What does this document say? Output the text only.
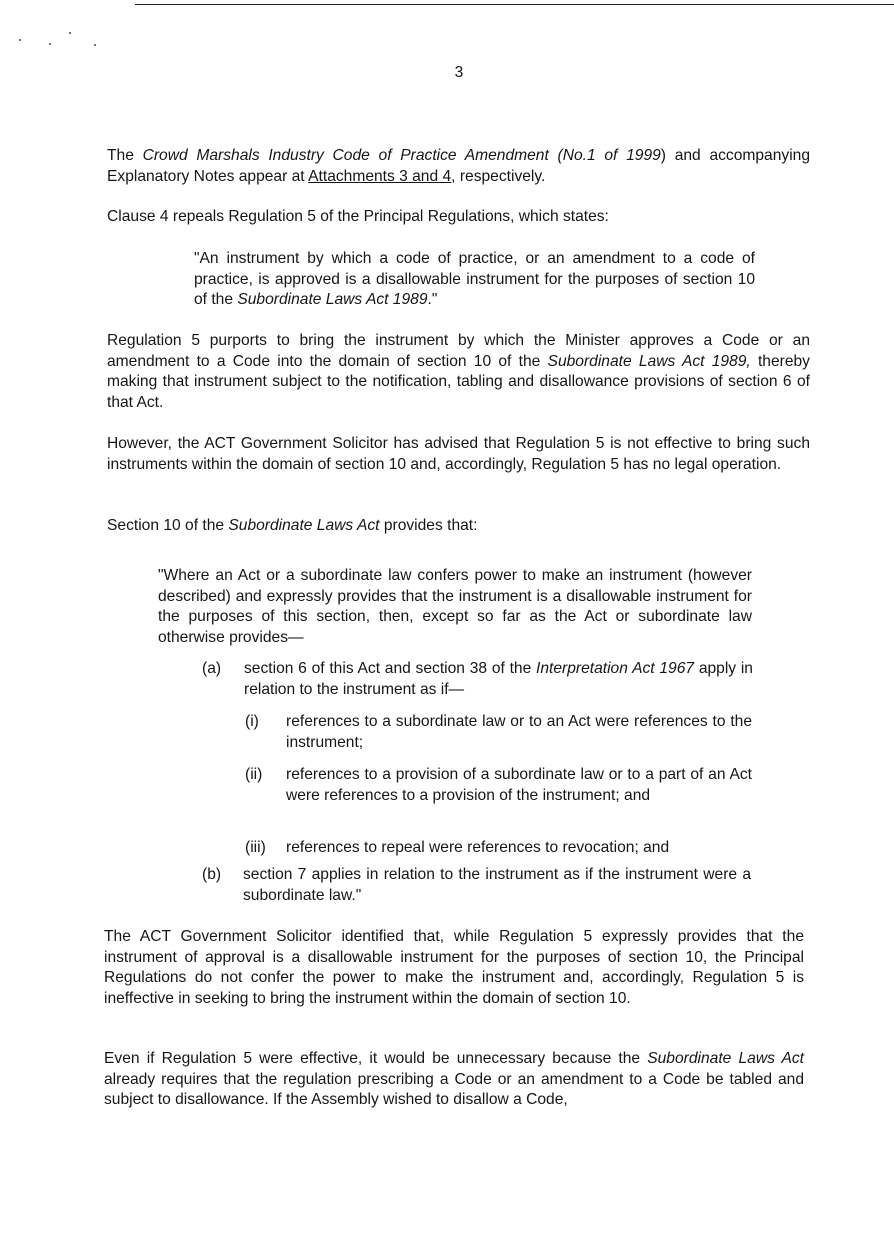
3
The Crowd Marshals Industry Code of Practice Amendment (No.1 of 1999) and accompanying Explanatory Notes appear at Attachments 3 and 4, respectively.
Clause 4 repeals Regulation 5 of the Principal Regulations, which states:
"An instrument by which a code of practice, or an amendment to a code of practice, is approved is a disallowable instrument for the purposes of section 10 of the Subordinate Laws Act 1989."
Regulation 5 purports to bring the instrument by which the Minister approves a Code or an amendment to a Code into the domain of section 10 of the Subordinate Laws Act 1989, thereby making that instrument subject to the notification, tabling and disallowance provisions of section 6 of that Act.
However, the ACT Government Solicitor has advised that Regulation 5 is not effective to bring such instruments within the domain of section 10 and, accordingly, Regulation 5 has no legal operation.
Section 10 of the Subordinate Laws Act provides that:
"Where an Act or a subordinate law confers power to make an instrument (however described) and expressly provides that the instrument is a disallowable instrument for the purposes of this section, then, except so far as the Act or subordinate law otherwise provides—
(a) section 6 of this Act and section 38 of the Interpretation Act 1967 apply in relation to the instrument as if—
(i) references to a subordinate law or to an Act were references to the instrument;
(ii) references to a provision of a subordinate law or to a part of an Act were references to a provision of the instrument; and
(iii) references to repeal were references to revocation; and
(b) section 7 applies in relation to the instrument as if the instrument were a subordinate law."
The ACT Government Solicitor identified that, while Regulation 5 expressly provides that the instrument of approval is a disallowable instrument for the purposes of section 10, the Principal Regulations do not confer the power to make the instrument and, accordingly, Regulation 5 is ineffective in seeking to bring the instrument within the domain of section 10.
Even if Regulation 5 were effective, it would be unnecessary because the Subordinate Laws Act already requires that the regulation prescribing a Code or an amendment to a Code be tabled and subject to disallowance. If the Assembly wished to disallow a Code,
